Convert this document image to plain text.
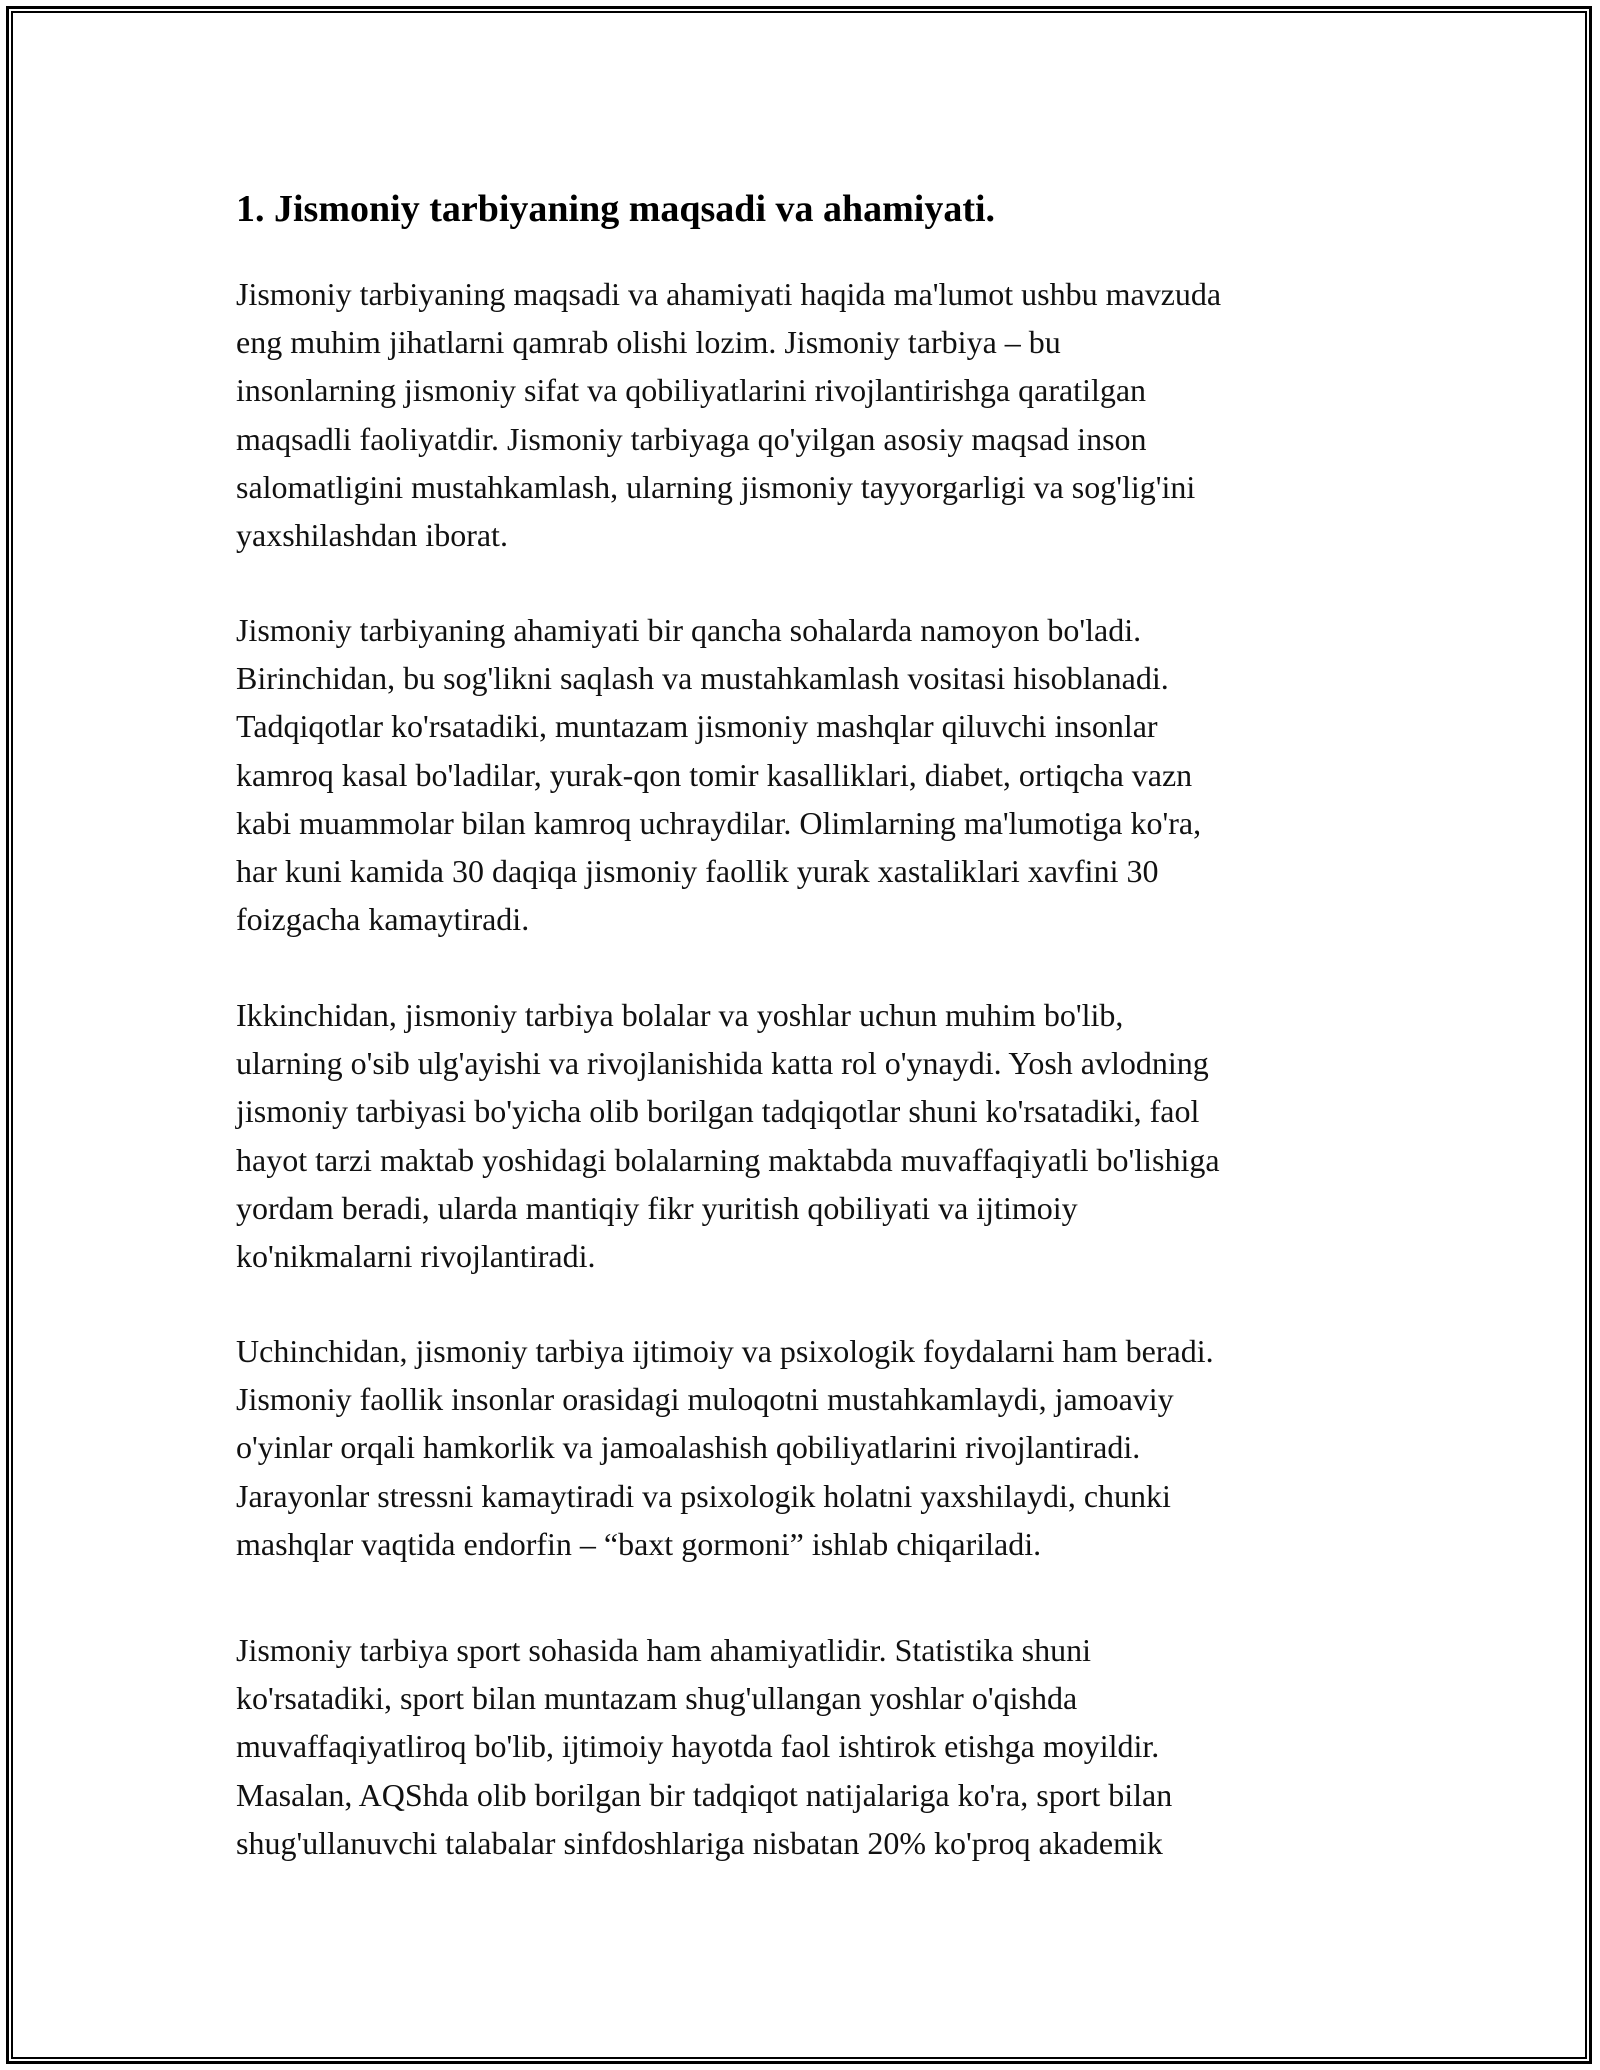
1. Jismoniy tarbiyaning maqsadi va ahamiyati.

Jismoniy tarbiyaning maqsadi va ahamiyati haqida ma'lumot ushbu mavzuda
eng muhim jihatlarni qamrab olishi lozim. Jismoniy tarbiya – bu
insonlarning jismoniy sifat va qobiliyatlarini rivojlantirishga qaratilgan
maqsadli faoliyatdir. Jismoniy tarbiyaga qo'yilgan asosiy maqsad inson
salomatligini mustahkamlash, ularning jismoniy tayyorgarligi va sog'lig'ini
yaxshilashdan iborat.

Jismoniy tarbiyaning ahamiyati bir qancha sohalarda namoyon bo'ladi.
Birinchidan, bu sog'likni saqlash va mustahkamlash vositasi hisoblanadi.
Tadqiqotlar ko'rsatadiki, muntazam jismoniy mashqlar qiluvchi insonlar
kamroq kasal bo'ladilar, yurak-qon tomir kasalliklari, diabet, ortiqcha vazn
kabi muammolar bilan kamroq uchraydilar. Olimlarning ma'lumotiga ko'ra,
har kuni kamida 30 daqiqa jismoniy faollik yurak xastaliklari xavfini 30
foizgacha kamaytiradi.

Ikkinchidan, jismoniy tarbiya bolalar va yoshlar uchun muhim bo'lib,
ularning o'sib ulg'ayishi va rivojlanishida katta rol o'ynaydi. Yosh avlodning
jismoniy tarbiyasi bo'yicha olib borilgan tadqiqotlar shuni ko'rsatadiki, faol
hayot tarzi maktab yoshidagi bolalarning maktabda muvaffaqiyatli bo'lishiga
yordam beradi, ularda mantiqiy fikr yuritish qobiliyati va ijtimoiy
ko'nikmalarni rivojlantiradi.

Uchinchidan, jismoniy tarbiya ijtimoiy va psixologik foydalarni ham beradi.
Jismoniy faollik insonlar orasidagi muloqotni mustahkamlaydi, jamoaviy
o'yinlar orqali hamkorlik va jamoalashish qobiliyatlarini rivojlantiradi.
Jarayonlar stressni kamaytiradi va psixologik holatni yaxshilaydi, chunki
mashqlar vaqtida endorfin – “baxt gormoni” ishlab chiqariladi.

Jismoniy tarbiya sport sohasida ham ahamiyatlidir. Statistika shuni
ko'rsatadiki, sport bilan muntazam shug'ullangan yoshlar o'qishda
muvaffaqiyatliroq bo'lib, ijtimoiy hayotda faol ishtirok etishga moyildir.
Masalan, AQShda olib borilgan bir tadqiqot natijalariga ko'ra, sport bilan
shug'ullanuvchi talabalar sinfdoshlariga nisbatan 20% ko'proq akademik
